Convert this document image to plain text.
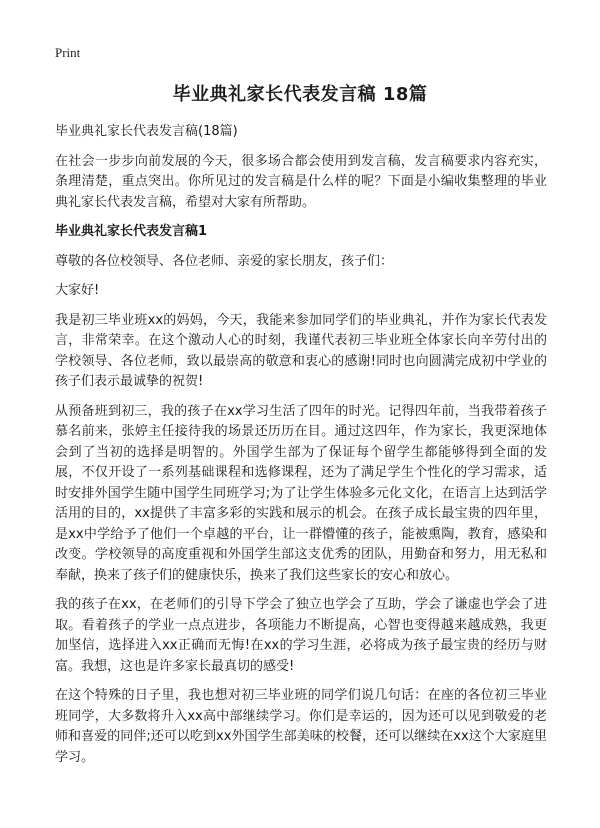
Print
毕业典礼家长代表发言稿 18篇

毕业典礼家长代表发言稿(18篇)

在社会一步步向前发展的今天，很多场合都会使用到发言稿，发言稿要求内容充实，条理清楚，重点突出。你所见过的发言稿是什么样的呢？下面是小编收集整理的毕业典礼家长代表发言稿，希望对大家有所帮助。

毕业典礼家长代表发言稿1

尊敬的各位校领导、各位老师、亲爱的家长朋友，孩子们：

大家好!

我是初三毕业班xx的妈妈，今天，我能来参加同学们的毕业典礼，并作为家长代表发言，非常荣幸。在这个激动人心的时刻，我谨代表初三毕业班全体家长向辛劳付出的学校领导、各位老师，致以最崇高的敬意和衷心的感谢!同时也向圆满完成初中学业的孩子们表示最诚挚的祝贺!

从预备班到初三，我的孩子在xx学习生活了四年的时光。记得四年前，当我带着孩子慕名前来，张婷主任接待我的场景还历历在目。通过这四年，作为家长，我更深地体会到了当初的选择是明智的。外国学生部为了保证每个留学生都能够得到全面的发展，不仅开设了一系列基础课程和选修课程，还为了满足学生个性化的学习需求，适时安排外国学生随中国学生同班学习;为了让学生体验多元化文化，在语言上达到活学活用的目的，xx提供了丰富多彩的实践和展示的机会。在孩子成长最宝贵的四年里，是xx中学给予了他们一个卓越的平台，让一群懵懂的孩子，能被熏陶，教育，感染和改变。学校领导的高度重视和外国学生部这支优秀的团队，用勤奋和努力，用无私和奉献，换来了孩子们的健康快乐，换来了我们这些家长的安心和放心。

我的孩子在xx，在老师们的引导下学会了独立也学会了互助，学会了谦虚也学会了进取。看着孩子的学业一点点进步，各项能力不断提高，心智也变得越来越成熟，我更加坚信，选择进入xx正确而无悔!在xx的学习生涯，必将成为孩子最宝贵的经历与财富。我想，这也是许多家长最真切的感受!

在这个特殊的日子里，我也想对初三毕业班的同学们说几句话：在座的各位初三毕业班同学，大多数将升入xx高中部继续学习。你们是幸运的，因为还可以见到敬爱的老师和喜爱的同伴;还可以吃到xx外国学生部美味的校餐，还可以继续在xx这个大家庭里学习。
